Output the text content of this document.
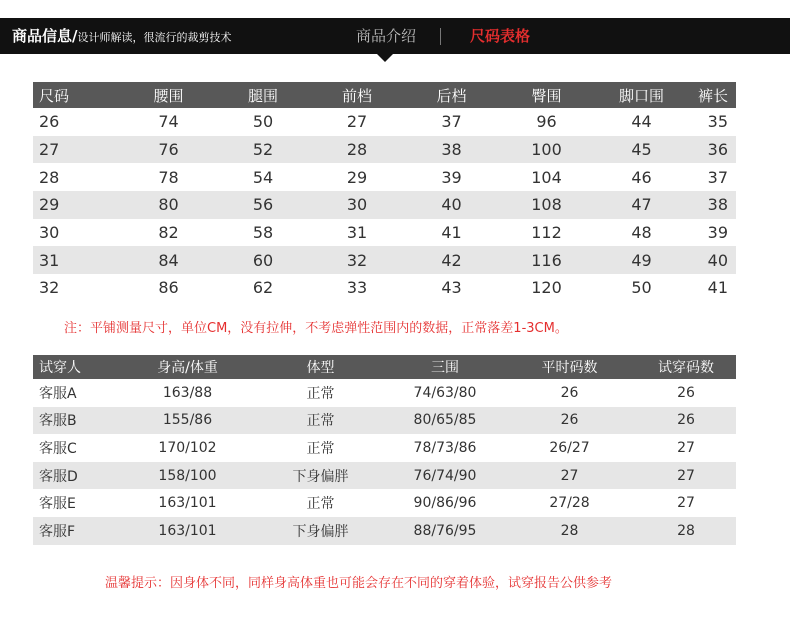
商品信息/设计师解读，很流行的裁剪技术	商品介绍	尺码表格
尺码	腰围	腿围	前档	后档	臀围	脚口围	裤长
26	74	50	27	37	96	44	35
27	76	52	28	38	100	45	36
28	78	54	29	39	104	46	37
29	80	56	30	40	108	47	38
30	82	58	31	41	112	48	39
31	84	60	32	42	116	49	40
32	86	62	33	43	120	50	41
注：平铺测量尺寸，单位CM，没有拉伸，不考虑弹性范围内的数据，正常落差1-3CM。
试穿人	身高/体重	体型	三围	平时码数	试穿码数
客服A	163/88	正常	74/63/80	26	26
客服B	155/86	正常	80/65/85	26	26
客服C	170/102	正常	78/73/86	26/27	27
客服D	158/100	下身偏胖	76/74/90	27	27
客服E	163/101	正常	90/86/96	27/28	27
客服F	163/101	下身偏胖	88/76/95	28	28
温馨提示：因身体不同，同样身高体重也可能会存在不同的穿着体验，试穿报告公供参考
